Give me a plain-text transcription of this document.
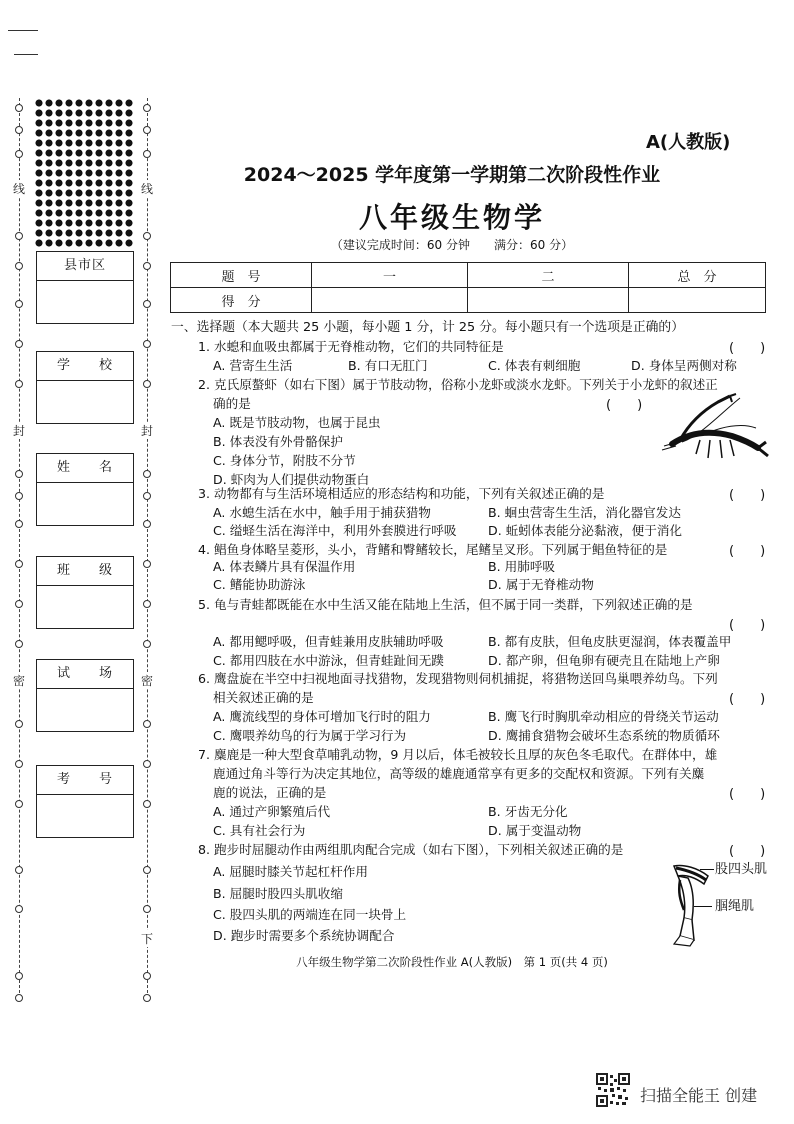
线	线
封	封
密	密
下
县市区
学　　校
姓　　名
班　　级
试　　场
考　　号
A(人教版)
2024～2025 学年度第一学期第二次阶段性作业
八年级生物学
（建议完成时间：60 分钟　　满分：60 分）
题　号	一	二	总　分
得　分			
一、选择题（本大题共 25 小题，每小题 1 分，计 25 分。每小题只有一个选项是正确的）
1. 水螅和血吸虫都属于无脊椎动物，它们的共同特征是	(　　)
A. 营寄生生活	B. 有口无肛门	C. 体表有刺细胞	D. 身体呈两侧对称
2. 克氏原螯虾（如右下图）属于节肢动物，俗称小龙虾或淡水龙虾。下列关于小龙虾的叙述正
确的是	(　　)
A. 既是节肢动物，也属于昆虫
B. 体表没有外骨骼保护
C. 身体分节，附肢不分节
D. 虾肉为人们提供动物蛋白
3. 动物都有与生活环境相适应的形态结构和功能，下列有关叙述正确的是	(　　)
A. 水螅生活在水中，触手用于捕获猎物	B. 蛔虫营寄生生活，消化器官发达
C. 缢蛏生活在海洋中，利用外套膜进行呼吸	D. 蚯蚓体表能分泌黏液，便于消化
4. 鲳鱼身体略呈菱形，头小，背鳍和臀鳍较长，尾鳍呈叉形。下列属于鲳鱼特征的是	(　　)
A. 体表鳞片具有保温作用	B. 用肺呼吸
C. 鳍能协助游泳	D. 属于无脊椎动物
5. 龟与青蛙都既能在水中生活又能在陆地上生活，但不属于同一类群，下列叙述正确的是
(　　)
A. 都用鳃呼吸，但青蛙兼用皮肤辅助呼吸	B. 都有皮肤，但龟皮肤更湿润，体表覆盖甲
C. 都用四肢在水中游泳，但青蛙趾间无蹼	D. 都产卵，但龟卵有硬壳且在陆地上产卵
6. 鹰盘旋在半空中扫视地面寻找猎物，发现猎物则伺机捕捉，将猎物送回鸟巢喂养幼鸟。下列
相关叙述正确的是	(　　)
A. 鹰流线型的身体可增加飞行时的阻力	B. 鹰飞行时胸肌牵动相应的骨绕关节运动
C. 鹰喂养幼鸟的行为属于学习行为	D. 鹰捕食猎物会破坏生态系统的物质循环
7. 麋鹿是一种大型食草哺乳动物，9 月以后，体毛被较长且厚的灰色冬毛取代。在群体中，雄
鹿通过角斗等行为决定其地位，高等级的雄鹿通常享有更多的交配权和资源。下列有关麋
鹿的说法，正确的是	(　　)
A. 通过产卵繁殖后代	B. 牙齿无分化
C. 具有社会行为	D. 属于变温动物
8. 跑步时屈腿动作由两组肌肉配合完成（如右下图），下列相关叙述正确的是	(　　)
A. 屈腿时膝关节起杠杆作用
B. 屈腿时股四头肌收缩
C. 股四头肌的两端连在同一块骨上
D. 跑步时需要多个系统协调配合
股四头肌
腘绳肌
八年级生物学第二次阶段性作业 A(人教版)　第 1 页(共 4 页)
扫描全能王 创建
